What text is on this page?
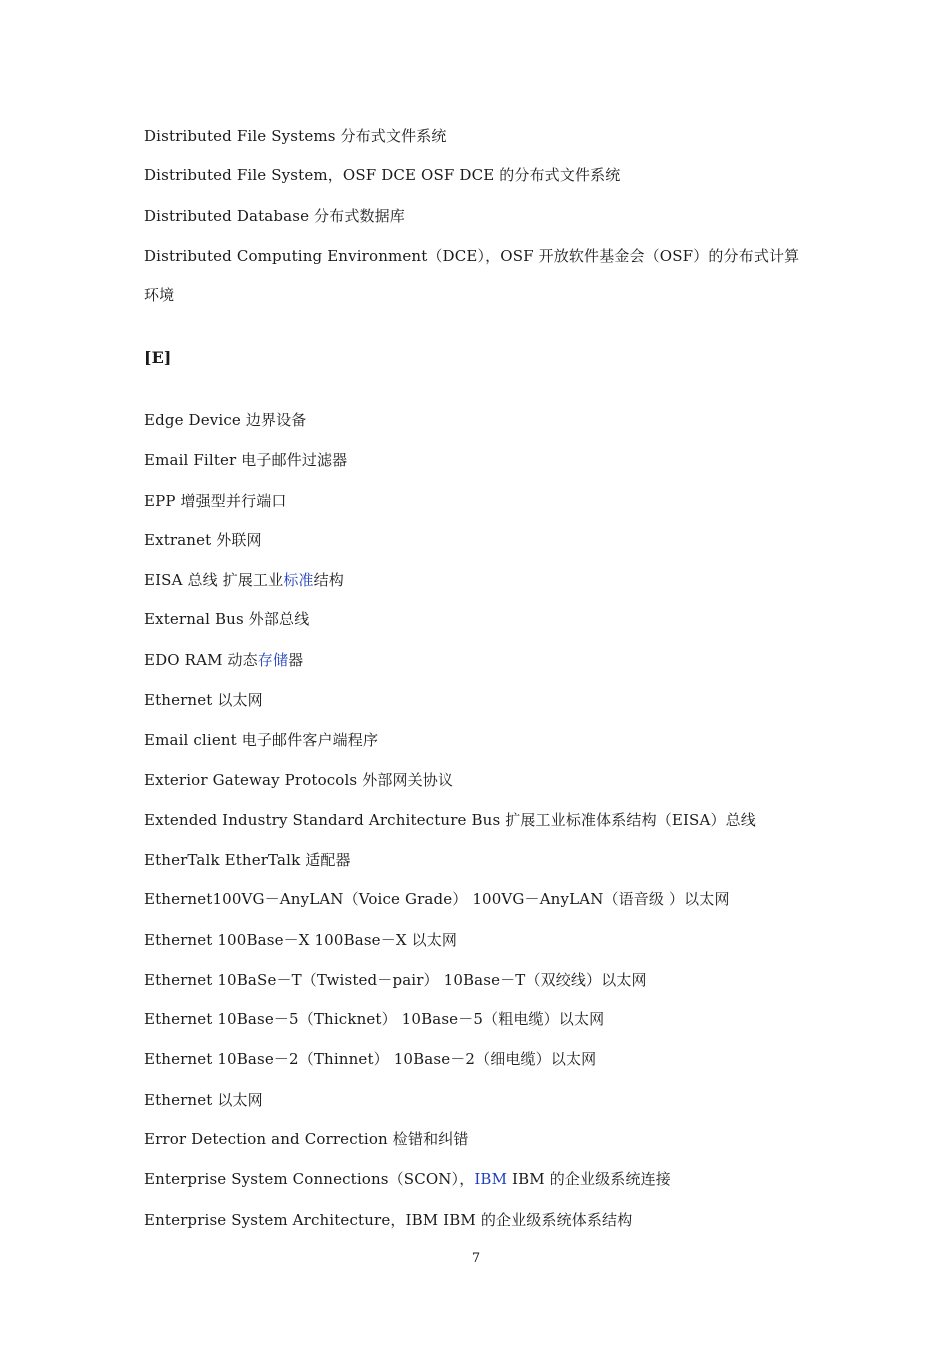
Distributed File Systems 分布式文件系统
Distributed File System，OSF DCE OSF DCE 的分布式文件系统
Distributed Database 分布式数据库
Distributed Computing Environment（DCE），OSF 开放软件基金会（OSF）的分布式计算
环境
[E]
Edge Device 边界设备
Email Filter 电子邮件过滤器
EPP 增强型并行端口
Extranet 外联网
EISA 总线 扩展工业标准结构
External Bus 外部总线
EDO RAM 动态存储器
Ethernet 以太网
Email client 电子邮件客户端程序
Exterior Gateway Protocols 外部网关协议
Extended Industry Standard Architecture Bus 扩展工业标准体系结构（EISA）总线
EtherTalk EtherTalk 适配器
Ethernet100VG－AnyLAN（Voice Grade） 100VG－AnyLAN（语音级 ）以太网
Ethernet 100Base－X 100Base－X 以太网
Ethernet 10BaSe－T（Twisted－pair） 10Base－T（双绞线）以太网
Ethernet 10Base－5（Thicknet） 10Base－5（粗电缆）以太网
Ethernet 10Base－2（Thinnet） 10Base－2（细电缆）以太网
Ethernet 以太网
Error Detection and Correction 检错和纠错
Enterprise System Connections（SCON），IBM IBM 的企业级系统连接
Enterprise System Architecture，IBM IBM 的企业级系统体系结构
7
